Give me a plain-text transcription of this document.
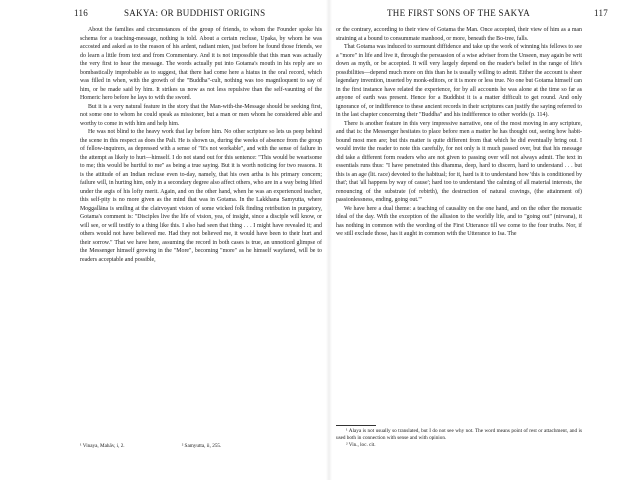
116	SAKYA: OR BUDDHIST ORIGINS	THE FIRST SONS OF THE SAKYA	117

About the families and circumstances of the group of friends, to whom the Founder spoke his schema for a teaching-message, nothing is told. About a certain recluse, Upaka, by whom he was accosted and asked as to the reason of his ardent, radiant mien, just before he found those friends, we do learn a little from text and from Commentary. And it is not impossible that this man was actually the very first to hear the message. The words actually put into Gotama's mouth in his reply are so bombastically improbable as to suggest, that there had come here a hiatus in the oral record, which was filled in when, with the growth of the "Buddha"-cult, nothing was too magniloquent to say of him, or be made said by him. It strikes us now as not less repulsive than the self-vaunting of the Homeric hero before he lays to with the sword.

But it is a very natural feature in the story that the Man-with-the-Message should be seeking first, not some one to whom he could speak as missioner, but a man or men whom he considered able and worthy to come in with him and help him.

He was not blind to the heavy work that lay before him. No other scripture so lets us peep behind the scene in this respect as does the Pali. He is shown us, during the weeks of absence from the group of fellow-inquirers, as depressed with a sense of "It's not workable", and with the sense of failure in the attempt as likely to hurt—himself. I do not stand out for this sentence: "This would be wearisome to me; this would be hurtful to me" as being a true saying. But it is worth noticing for two reasons. It is the attitude of an Indian recluse even to-day, namely, that his own artha is his primary concern; failure will, in hurting him, only in a secondary degree also affect others, who are in a way being lifted under the ægis of his lofty merit. Again, and on the other hand, when he was an experienced teacher, this self-pity is no more given as the mind that was in Gotama. In the Lakkhana Samyutta, where Moggallāna is smiling at the clairvoyant vision of some wicked folk finding retribution in purgatory, Gotama's comment is: "Disciples live the life of vision, yea, of insight, since a disciple will know, or will see, or will testify to a thing like this. I also had seen that thing . . . I might have revealed it; and others would not have believed me. Had they not believed me, it would have been to their hurt and their sorrow." That we have here, assuming the record in both cases is true, an unnoticed glimpse of the Messenger himself growing in the "More", becoming "more" as he himself wayfared, will be to readers acceptable and possible,

¹ Vinaya, Mahāv, i, 2.	² Samyutta, ii, 255.

or the contrary, according to their view of Gotama the Man. Once accepted, their view of him as a man straining at a bound to consummate manhood, or more, beneath the Bo-tree, falls.

That Gotama was induced to surmount diffidence and take up the work of winning his fellows to see a "more" in life and live it, through the persuasion of a wise adviser from the Unseen, may again be writ down as myth, or be accepted. It will very largely depend on the reader's belief in the range of life's possibilities—depend much more on this than he is usually willing to admit. Either the account is sheer legendary invention, inserted by monk-editors, or it is more or less true. No one but Gotama himself can in the first instance have related the experience, for by all accounts he was alone at the time so far as anyone of earth was present. Hence for a Buddhist it is a matter difficult to get round. And only ignorance of, or indifference to these ancient records in their scriptures can justify the saying referred to in the last chapter concerning their "Buddha" and his indifference to other worlds (p. 114).

There is another feature in this very impressive narrative, one of the most moving in any scripture, and that is: the Messenger hesitates to place before men a matter he has thought out, seeing how habit-bound most men are; but this matter is quite different from that which he did eventually bring out. I would invite the reader to note this carefully, for not only is it much passed over, but that his message did take a different form readers who are not given to passing over will not always admit. The text in essentials runs thus: "I have penetrated this dhamma, deep, hard to discern, hard to understand . . . but this is an age (lit. race) devoted to the habitual; for it, hard is it to understand how 'this is conditioned by that'; that 'all happens by way of cause'; hard too to understand 'the calming of all material interests, the renouncing of the substrate (of rebirth), the destruction of natural cravings, (the attainment of) passionlessness, ending, going out.'"

We have here a dual theme: a teaching of causality on the one hand, and on the other the monastic ideal of the day. With the exception of the allusion to the worldly life, and to "going out" (nirvana), it has nothing in common with the wording of the First Utterance till we come to the four truths. Nor, if we still exclude those, has it aught in common with the Utterance to Isa. The

¹ Alaya is not usually so translated, but I do not see why not. The word means point of rest or attachment, and is used both in connection with sense and with opinion.

² Vin., loc. cit.
